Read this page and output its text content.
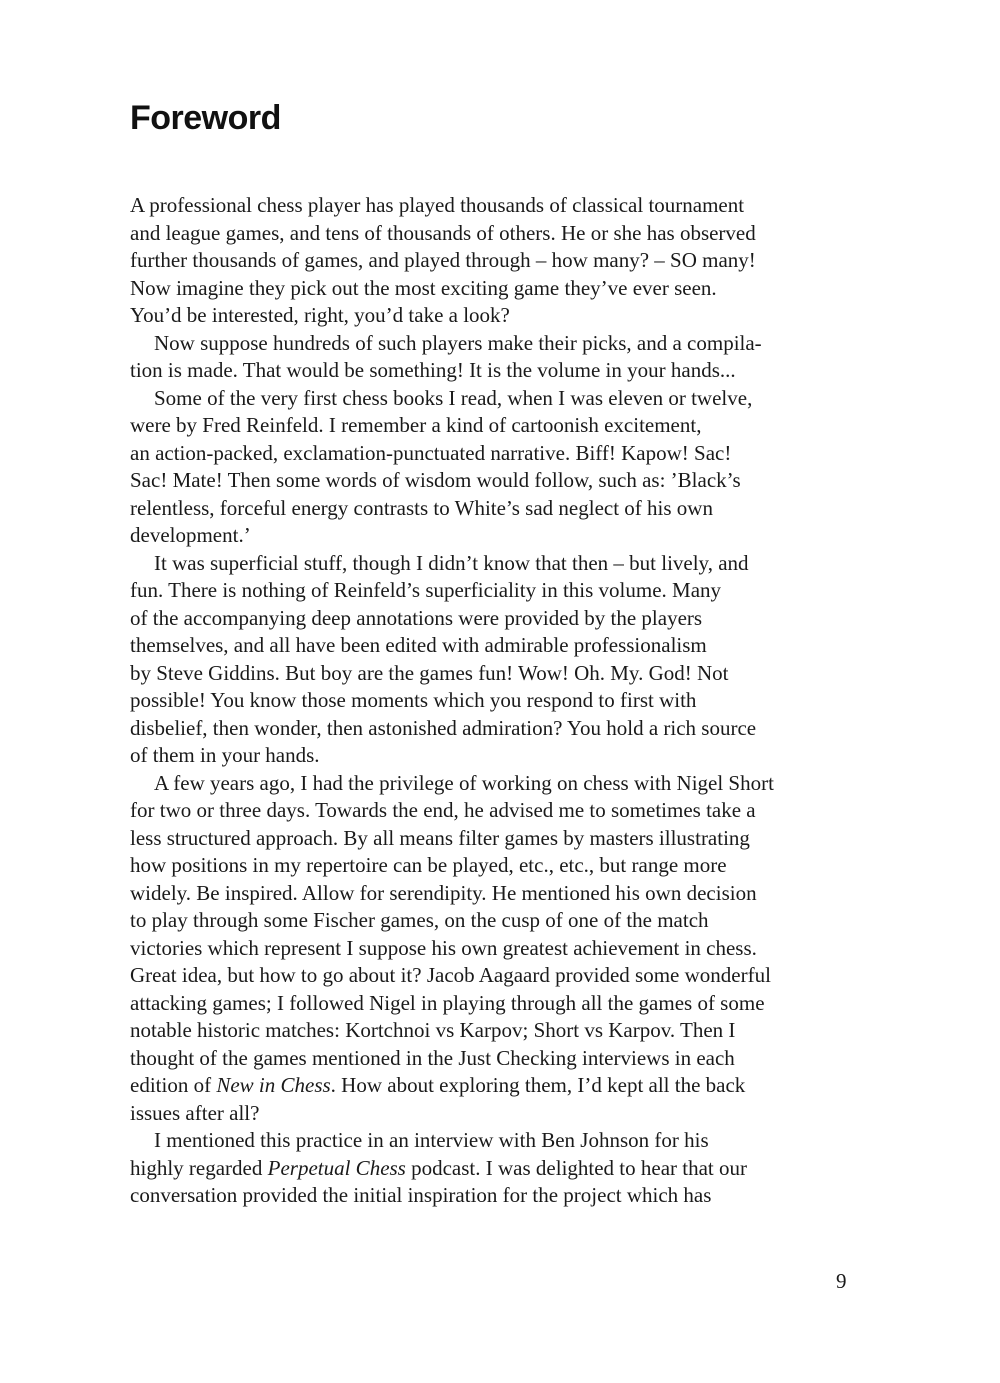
Foreword
A professional chess player has played thousands of classical tournament
and league games, and tens of thousands of others. He or she has observed
further thousands of games, and played through – how many? – SO many!
Now imagine they pick out the most exciting game they’ve ever seen.
You’d be interested, right, you’d take a look?
Now suppose hundreds of such players make their picks, and a compila-
tion is made. That would be something! It is the volume in your hands...
Some of the very first chess books I read, when I was eleven or twelve,
were by Fred Reinfeld. I remember a kind of cartoonish excitement,
an action-packed, exclamation-punctuated narrative. Biff! Kapow! Sac!
Sac! Mate! Then some words of wisdom would follow, such as: ’Black’s
relentless, forceful energy contrasts to White’s sad neglect of his own
development.’
It was superficial stuff, though I didn’t know that then – but lively, and
fun. There is nothing of Reinfeld’s superficiality in this volume. Many
of the accompanying deep annotations were provided by the players
themselves, and all have been edited with admirable professionalism
by Steve Giddins. But boy are the games fun! Wow! Oh. My. God! Not
possible! You know those moments which you respond to first with
disbelief, then wonder, then astonished admiration? You hold a rich source
of them in your hands.
A few years ago, I had the privilege of working on chess with Nigel Short
for two or three days. Towards the end, he advised me to sometimes take a
less structured approach. By all means filter games by masters illustrating
how positions in my repertoire can be played, etc., etc., but range more
widely. Be inspired. Allow for serendipity. He mentioned his own decision
to play through some Fischer games, on the cusp of one of the match
victories which represent I suppose his own greatest achievement in chess.
Great idea, but how to go about it? Jacob Aagaard provided some wonderful
attacking games; I followed Nigel in playing through all the games of some
notable historic matches: Kortchnoi vs Karpov; Short vs Karpov. Then I
thought of the games mentioned in the Just Checking interviews in each
edition of New in Chess. How about exploring them, I’d kept all the back
issues after all?
I mentioned this practice in an interview with Ben Johnson for his
highly regarded Perpetual Chess podcast. I was delighted to hear that our
conversation provided the initial inspiration for the project which has
9
